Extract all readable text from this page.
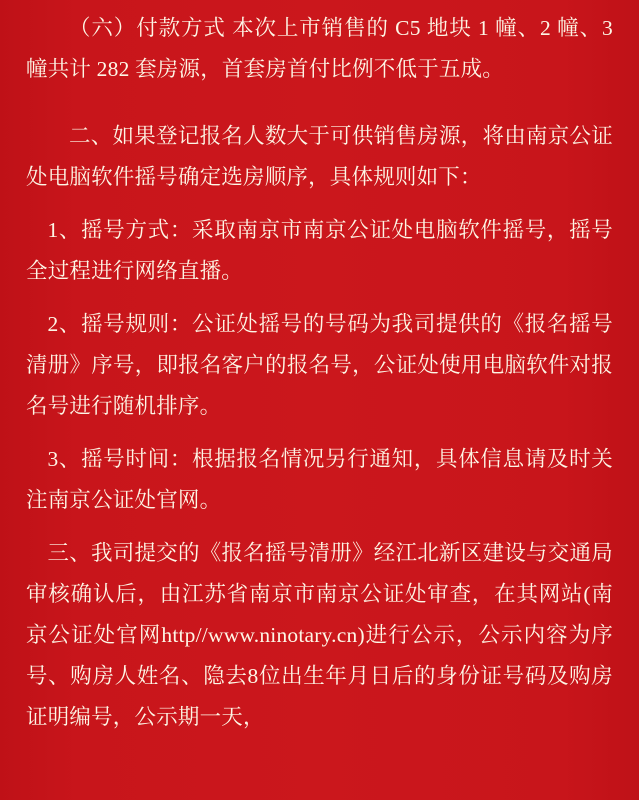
（六）付款方式 本次上市销售的 C5 地块 1 幢、2 幢、3 幢共计 282 套房源，首套房首付比例不低于五成。

二、如果登记报名人数大于可供销售房源，将由南京公证处电脑软件摇号确定选房顺序，具体规则如下：

1、摇号方式：采取南京市南京公证处电脑软件摇号，摇号全过程进行网络直播。

2、摇号规则：公证处摇号的号码为我司提供的《报名摇号清册》序号，即报名客户的报名号，公证处使用电脑软件对报名号进行随机排序。

3、摇号时间：根据报名情况另行通知，具体信息请及时关注南京公证处官网。

三、我司提交的《报名摇号清册》经江北新区建设与交通局审核确认后，由江苏省南京市南京公证处审查，在其网站(南京公证处官网http//www.ninotary.cn)进行公示，公示内容为序号、购房人姓名、隐去8位出生年月日后的身份证号码及购房证明编号，公示期一天，
